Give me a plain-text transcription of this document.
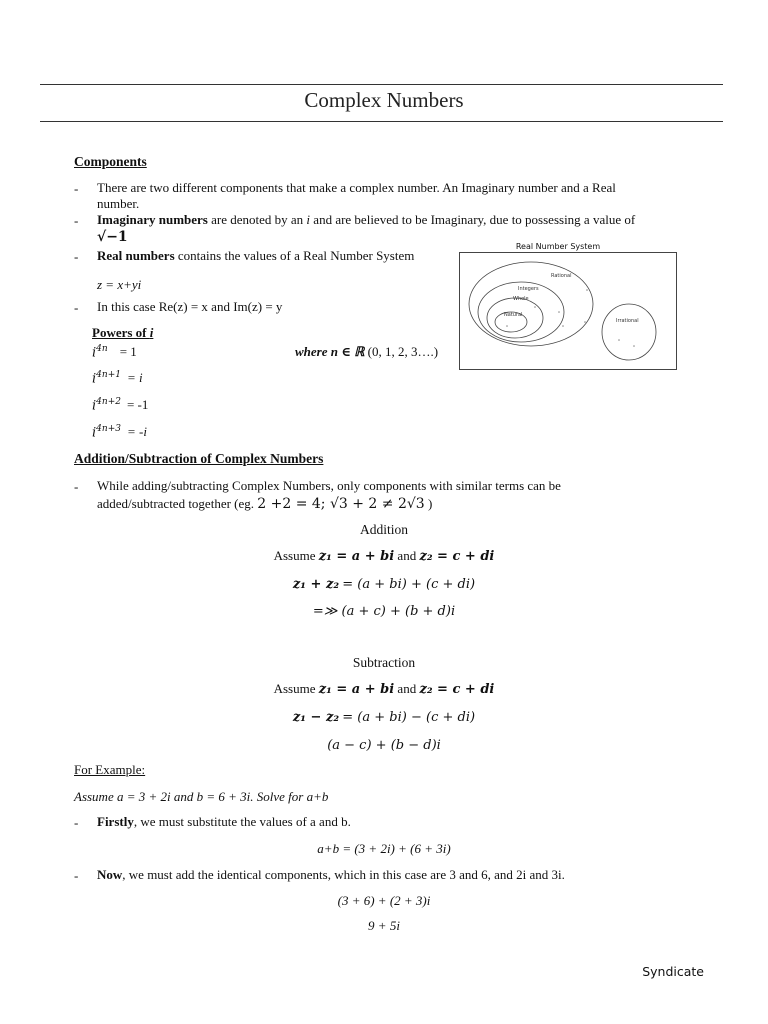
Complex Numbers
Components
- There are two different components that make a complex number. An Imaginary number and a Real number.
- Imaginary numbers are denoted by an i and are believed to be Imaginary, due to possessing a value of
√−1
- Real numbers contains the values of a Real Number System
z = x+yi
- In this case Re(z) = x and Im(z) = y
Real Number System
Rational
Integers
Whole
Natural
Irrational
Powers of i
$i^{4n} = 1$
$i^{4n+1} = i$
$i^{4n+2} = -1$
$i^{4n+3} = -i$
where n ∈ ℝ (0, 1, 2, 3….)
Addition/Subtraction of Complex Numbers
- While adding/subtracting Complex Numbers, only components with similar terms can be
added/subtracted together (eg. 2 +2 = 4; √3 + 2 ≠ 2√3 )
Addition
Assume z₁ = a + bi and z₂ = c + di
z₁ + z₂ = (a + bi) + (c + di)
=≫ (a + c) + (b + d)i
Subtraction
Assume z₁ = a + bi and z₂ = c + di
z₁ − z₂ = (a + bi) − (c + di)
(a − c) + (b − d)i
For Example:
Assume a = 3 + 2i and b = 6 + 3i. Solve for a+b
- Firstly, we must substitute the values of a and b.
a+b = (3 + 2i) + (6 + 3i)
- Now, we must add the identical components, which in this case are 3 and 6, and 2i and 3i.
(3 + 6) + (2 + 3)i
9 + 5i
Syndicate
